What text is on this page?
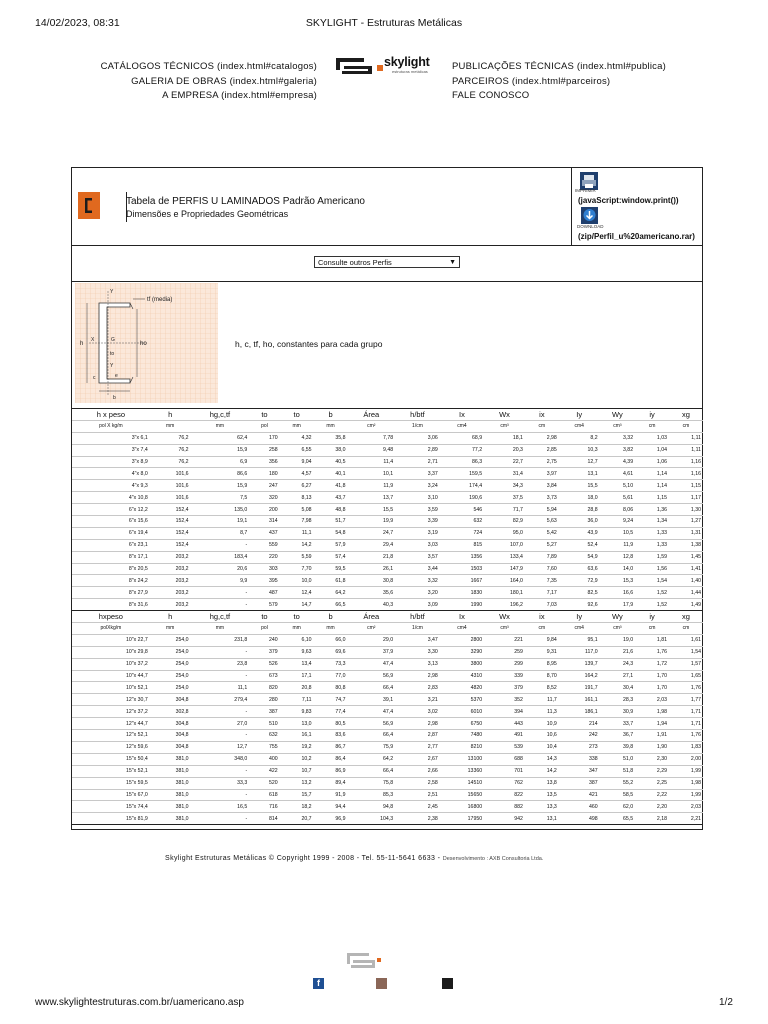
14/02/2023, 08:31	SKYLIGHT - Estruturas Metálicas
CATÁLOGOS TÉCNICOS (index.html#catalogos)
GALERIA DE OBRAS (index.html#galeria)
A EMPRESA (index.html#empresa)
skylight
estruturas metálicas	PUBLICAÇÕES TÉCNICAS (index.html#publica)
PARCEIROS (index.html#parceiros)
FALE CONOSCO
Tabela de PERFIS U LAMINADOS Padrão Americano
Dimensões e Propriedades Geométricas
IMPRIMIR
(javaScript:window.print())
DOWNLOAD
(zip/Perfil_u%20americano.rar)
Consulte outros Perfis	▼
tf (media)
h
X	G
Y
b
ho
to
c	e
Y
h, c, tf, ho, constantes para cada grupo
h x peso	h	hg,c,tf	to	to	b	Área	h/btf	Ix	Wx	ix	Iy	Wy	iy	xg
pol X kg/m	mm	mm	pol	mm	mm	cm²	1/cm	cm4	cm³	cm	cm4	cm³	cm	cm
3"x 6,1	76,2	62,4	170	4,32	35,8	7,78	3,06	68,9	18,1	2,98	8,2	3,32	1,03	1,11
3"x 7,4	76,2	15,9	258	6,55	38,0	9,48	2,89	77,2	20,3	2,85	10,3	3,82	1,04	1,11
3"x 8,9	76,2	6,9	356	9,04	40,5	11,4	2,71	86,3	22,7	2,75	12,7	4,39	1,06	1,16
4"x 8,0	101,6	86,6	180	4,57	40,1	10,1	3,37	159,5	31,4	3,97	13,1	4,61	1,14	1,16
4"x 9,3	101,6	15,9	247	6,27	41,8	11,9	3,24	174,4	34,3	3,84	15,5	5,10	1,14	1,15
4"x 10,8	101,6	7,5	320	8,13	43,7	13,7	3,10	190,6	37,5	3,73	18,0	5,61	1,15	1,17
6"x 12,2	152,4	135,0	200	5,08	48,8	15,5	3,59	546	71,7	5,94	28,8	8,06	1,36	1,30
6"x 15,6	152,4	19,1	314	7,98	51,7	19,9	3,39	632	82,9	5,63	36,0	9,24	1,34	1,27
6"x 19,4	152,4	8,7	437	11,1	54,8	24,7	3,19	724	95,0	5,42	43,9	10,5	1,33	1,31
6"x 23,1	152,4	-	559	14,2	57,9	29,4	3,03	815	107,0	5,27	52,4	11,9	1,33	1,38
8"x 17,1	203,2	183,4	220	5,59	57,4	21,8	3,57	1356	133,4	7,89	54,9	12,8	1,59	1,45
8"x 20,5	203,2	20,6	303	7,70	59,5	26,1	3,44	1503	147,9	7,60	63,6	14,0	1,56	1,41
8"x 24,2	203,2	9,9	395	10,0	61,8	30,8	3,32	1667	164,0	7,35	72,9	15,3	1,54	1,40
8"x 27,9	203,2	-	487	12,4	64,2	35,6	3,20	1830	180,1	7,17	82,5	16,6	1,52	1,44
8"x 31,6	203,2	-	579	14,7	66,5	40,3	3,09	1990	196,2	7,03	92,6	17,9	1,52	1,49
hxpeso	h	hg,c,tf	to	to	b	Área	h/btf	Ix	Wx	ix	Iy	Wy	iy	xg
polXkg/m	mm	mm	pol	mm	mm	cm²	1/cm	cm4	cm³	cm	cm4	cm³	cm	cm
10"x 22,7	254,0	231,8	240	6,10	66,0	29,0	3,47	2800	221	9,84	95,1	19,0	1,81	1,61
10"x 29,8	254,0	-	379	9,63	69,6	37,9	3,30	3290	259	9,31	117,0	21,6	1,76	1,54
10"x 37,2	254,0	23,8	526	13,4	73,3	47,4	3,13	3800	299	8,95	139,7	24,3	1,72	1,57
10"x 44,7	254,0	-	673	17,1	77,0	56,9	2,98	4310	339	8,70	164,2	27,1	1,70	1,65
10"x 52,1	254,0	11,1	820	20,8	80,8	66,4	2,83	4820	379	8,52	191,7	30,4	1,70	1,76
12"x 30,7	304,8	279,4	280	7,11	74,7	39,1	3,21	5370	352	11,7	161,1	28,3	2,03	1,77
12"x 37,2	302,8	-	387	9,83	77,4	47,4	3,02	6010	394	11,3	186,1	30,9	1,98	1,71
12"x 44,7	304,8	27,0	510	13,0	80,5	56,9	2,98	6750	443	10,9	214	33,7	1,94	1,71
12"x 52,1	304,8	-	632	16,1	83,6	66,4	2,87	7480	491	10,6	242	36,7	1,91	1,76
12"x 59,6	304,8	12,7	755	19,2	86,7	75,9	2,77	8210	539	10,4	273	39,8	1,90	1,83
15"x 50,4	381,0	348,0	400	10,2	86,4	64,2	2,67	13100	688	14,3	338	51,0	2,30	2,00
15"x 52,1	381,0	-	422	10,7	86,9	66,4	2,66	13360	701	14,2	347	51,8	2,29	1,99
15"x 59,5	381,0	33,3	520	13,2	89,4	75,8	2,58	14510	762	13,8	387	55,2	2,25	1,98
15"x 67,0	381,0	-	618	15,7	91,9	85,3	2,51	15650	822	13,5	421	58,5	2,22	1,99
15"x 74,4	381,0	16,5	716	18,2	94,4	94,8	2,45	16800	882	13,3	460	62,0	2,20	2,03
15"x 81,9	381,0	-	814	20,7	96,9	104,3	2,38	17950	942	13,1	498	65,5	2,18	2,21
Skylight Estruturas Metálicas © Copyright 1999 - 2008 - Tel. 55-11-5641 6633 - Desenvolvimento : AXB Consultoria Ltda.
f
www.skylightestruturas.com.br/uamericano.asp	1/2
